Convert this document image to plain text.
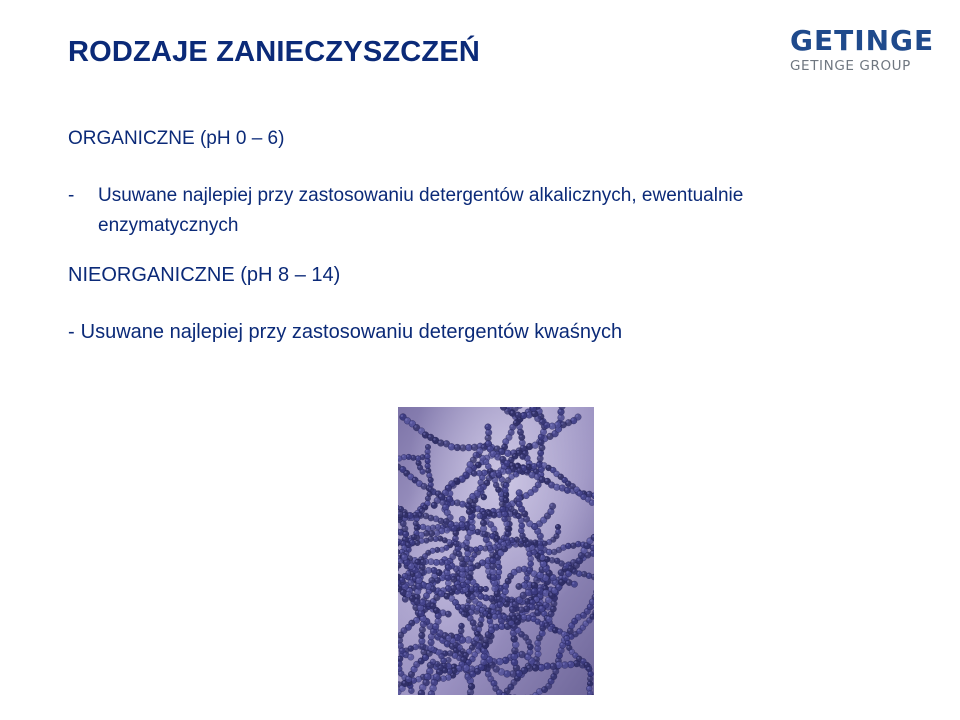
RODZAJE ZANIECZYSZCZEŃ	GETINGE
GETINGE GROUP
ORGANICZNE (pH 0 – 6)
-	Usuwane najlepiej przy zastosowaniu detergentów alkalicznych, ewentualnie enzymatycznych
NIEORGANICZNE (pH 8 – 14)
- Usuwane najlepiej przy zastosowaniu detergentów kwaśnych
